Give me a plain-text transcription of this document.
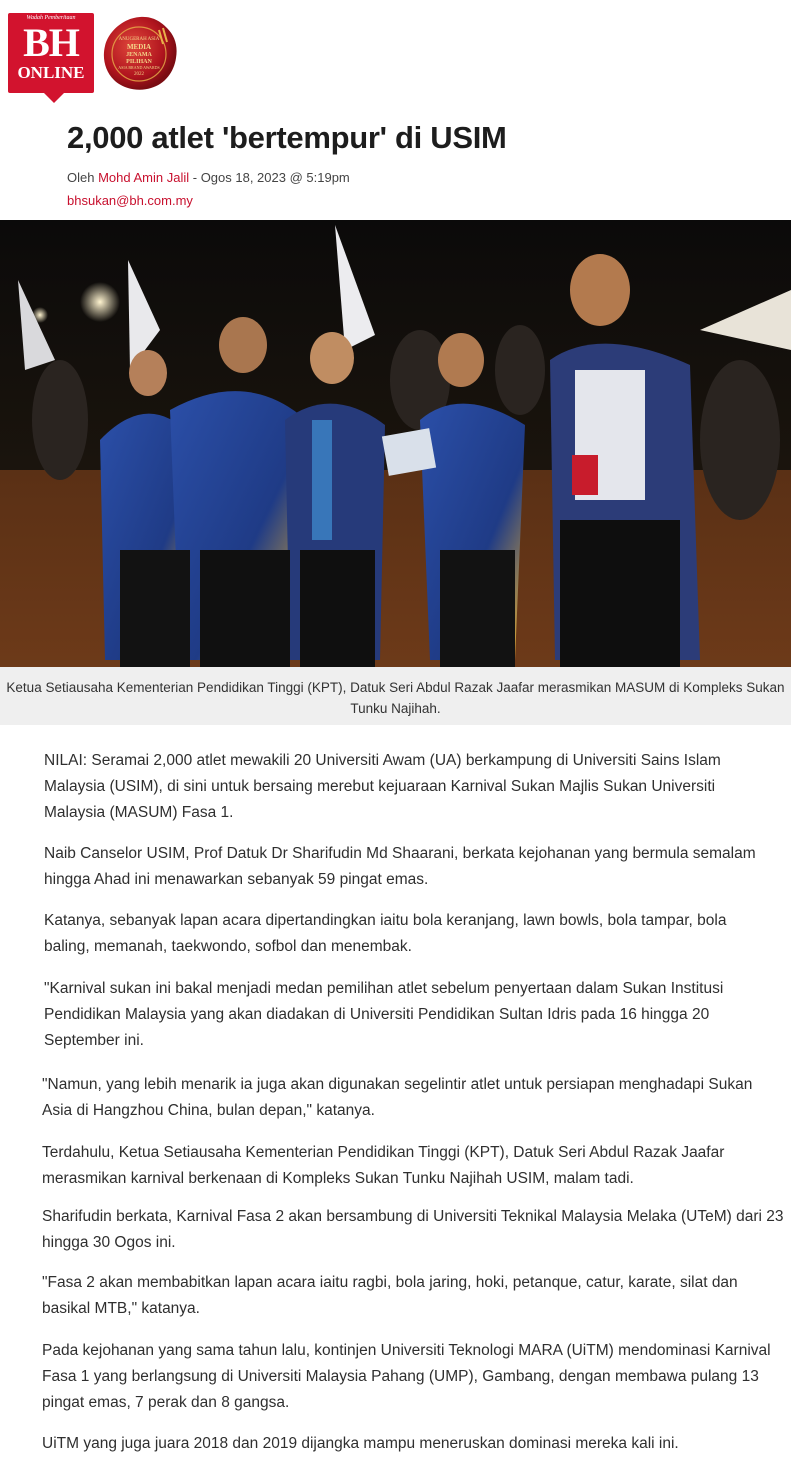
Wadah Pemberitaan
BH
ONLINE
ANUGERAH ASIA
MEDIA
JENAMA
PILIHAN
ASIA BRAND AWARDS
2022
2,000 atlet 'bertempur' di USIM
Oleh Mohd Amin Jalil - Ogos 18, 2023 @ 5:19pm
bhsukan@bh.com.my

Ketua Setiausaha Kementerian Pendidikan Tinggi (KPT), Datuk Seri Abdul Razak Jaafar merasmikan MASUM di Kompleks Sukan Tunku Najihah.

NILAI: Seramai 2,000 atlet mewakili 20 Universiti Awam (UA) berkampung di Universiti Sains Islam Malaysia (USIM), di sini untuk bersaing merebut kejuaraan Karnival Sukan Majlis Sukan Universiti Malaysia (MASUM) Fasa 1.

Naib Canselor USIM, Prof Datuk Dr Sharifudin Md Shaarani, berkata kejohanan yang bermula semalam hingga Ahad ini menawarkan sebanyak 59 pingat emas.

Katanya, sebanyak lapan acara dipertandingkan iaitu bola keranjang, lawn bowls, bola tampar, bola baling, memanah, taekwondo, sofbol dan menembak.

"Karnival sukan ini bakal menjadi medan pemilihan atlet sebelum penyertaan dalam Sukan Institusi Pendidikan Malaysia yang akan diadakan di Universiti Pendidikan Sultan Idris pada 16 hingga 20 September ini.

"Namun, yang lebih menarik ia juga akan digunakan segelintir atlet untuk persiapan menghadapi Sukan Asia di Hangzhou China, bulan depan," katanya.

Terdahulu, Ketua Setiausaha Kementerian Pendidikan Tinggi (KPT), Datuk Seri Abdul Razak Jaafar merasmikan karnival berkenaan di Kompleks Sukan Tunku Najihah USIM, malam tadi.

Sharifudin berkata, Karnival Fasa 2 akan bersambung di Universiti Teknikal Malaysia Melaka (UTeM) dari 23 hingga 30 Ogos ini.

"Fasa 2 akan membabitkan lapan acara iaitu ragbi, bola jaring, hoki, petanque, catur, karate, silat dan basikal MTB," katanya.

Pada kejohanan yang sama tahun lalu, kontinjen Universiti Teknologi MARA (UiTM) mendominasi Karnival Fasa 1 yang berlangsung di Universiti Malaysia Pahang (UMP), Gambang, dengan membawa pulang 13 pingat emas, 7 perak dan 8 gangsa.

UiTM yang juga juara 2018 dan 2019 dijangka mampu meneruskan dominasi mereka kali ini.
